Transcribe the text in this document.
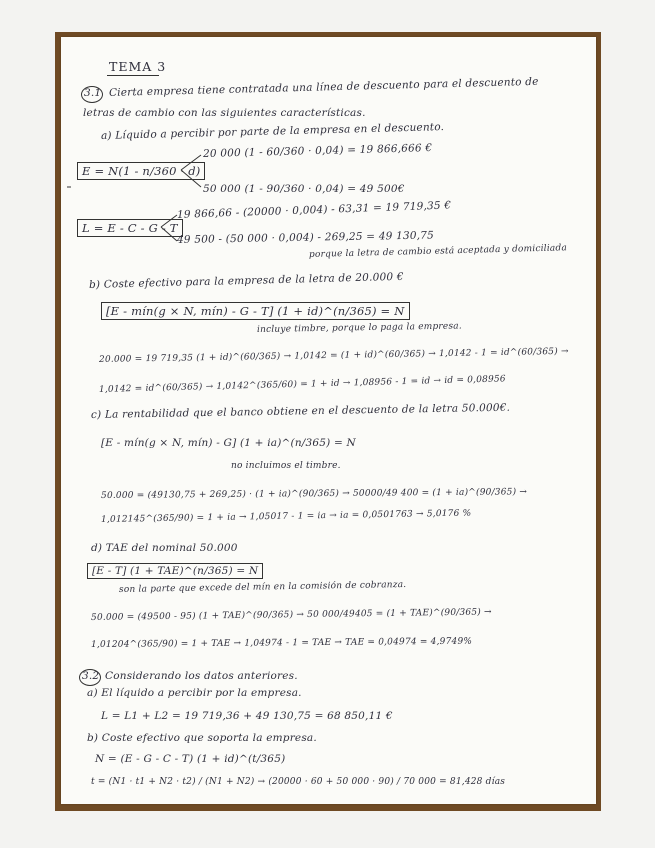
TEMA 3
3.1 Cierta empresa tiene contratada una línea de descuento para el descuento de
letras de cambio con las siguientes características.
a) Líquido a percibir por parte de la empresa en el descuento.
E = N(1 - n/360 · d)
20 000 (1 - 60/360 · 0,04) = 19 866,666 €
50 000 (1 - 90/360 · 0,04) = 49 500€
L = E - C - G - T
19 866,66 - (20000 · 0,004) - 63,31 = 19 719,35 €
49 500 - (50 000 · 0,004) - 269,25 = 49 130,75
porque la letra de cambio está aceptada y domiciliada
b) Coste efectivo para la empresa de la letra de 20.000 €
[E - mín(g × N, mín) - G - T] (1 + id)^(n/365) = N
incluye timbre, porque lo paga la empresa.
20.000 = 19 719,35 (1 + id)^(60/365) → 1,0142 = (1 + id)^(60/365) → 1,0142 - 1 = id^(60/365) →
1,0142 = id^(60/365) → 1,0142^(365/60) = 1 + id → 1,08956 - 1 = id → id = 0,08956
c) La rentabilidad que el banco obtiene en el descuento de la letra 50.000€.
[E - mín(g × N, mín) - G] (1 + ia)^(n/365) = N
no incluimos el timbre.
50.000 = (49130,75 + 269,25) · (1 + ia)^(90/365) → 50000/49 400 = (1 + ia)^(90/365) →
1,012145^(365/90) = 1 + ia → 1,05017 - 1 = ia → ia = 0,0501763 → 5,0176 %
d) TAE del nominal 50.000
[E - T] (1 + TAE)^(n/365) = N
son la parte que excede del mín en la comisión de cobranza.
50.000 = (49500 - 95) (1 + TAE)^(90/365) → 50 000/49405 = (1 + TAE)^(90/365) →
1,01204^(365/90) = 1 + TAE → 1,04974 - 1 = TAE → TAE = 0,04974 = 4,9749%
3.2 Considerando los datos anteriores.
a) El líquido a percibir por la empresa.
L = L1 + L2 = 19 719,36 + 49 130,75 = 68 850,11 €
b) Coste efectivo que soporta la empresa.
N = (E - G - C - T) (1 + id)^(t/365)
t = (N1 · t1 + N2 · t2) / (N1 + N2) → (20000 · 60 + 50 000 · 90) / 70 000 = 81,428 días
